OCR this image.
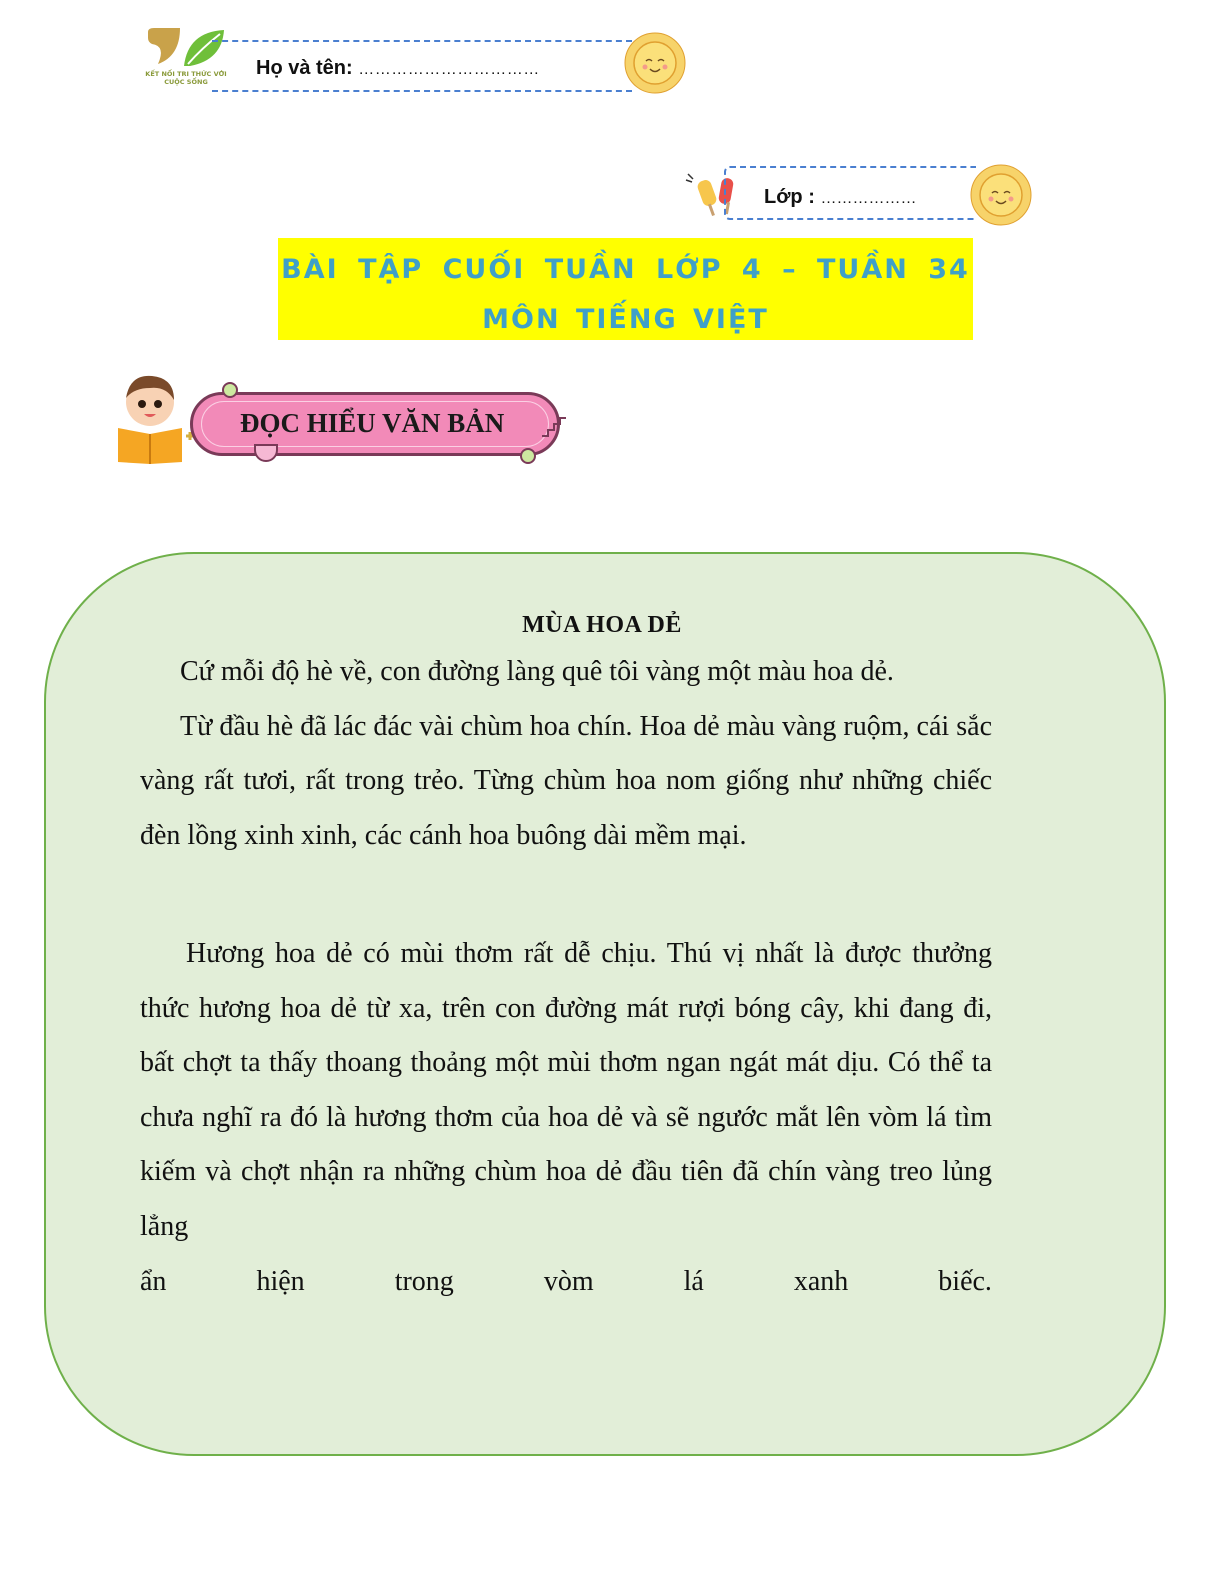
KẾT NỐI TRI THỨC VỚI CUỘC SỐNG
Họ và tên: ……………………………
Lớp : ………………
BÀI TẬP CUỐI TUẦN LỚP 4 – TUẦN 34
MÔN TIẾNG VIỆT
ĐỌC HIỂU VĂN BẢN
MÙA HOA DẺ
Cứ mỗi độ hè về, con đường làng quê tôi vàng một màu hoa dẻ.
Từ đầu hè đã lác đác vài chùm hoa chín. Hoa dẻ màu vàng ruộm, cái sắc vàng rất tươi, rất trong trẻo. Từng chùm hoa nom giống như những chiếc đèn lồng xinh xinh, các cánh hoa buông dài mềm mại.
Hương hoa dẻ có mùi thơm rất dễ chịu. Thú vị nhất là được thưởng thức hương hoa dẻ từ xa, trên con đường mát rượi bóng cây, khi đang đi, bất chợt ta thấy thoang thoảng một mùi thơm ngan ngát mát dịu. Có thể ta chưa nghĩ ra đó là hương thơm của hoa dẻ và sẽ ngước mắt lên vòm lá tìm kiếm và chợt nhận ra những chùm hoa dẻ đầu tiên đã chín vàng treo lủng lẳng
ẩn	hiện	trong	vòm	lá	xanh	biếc.
